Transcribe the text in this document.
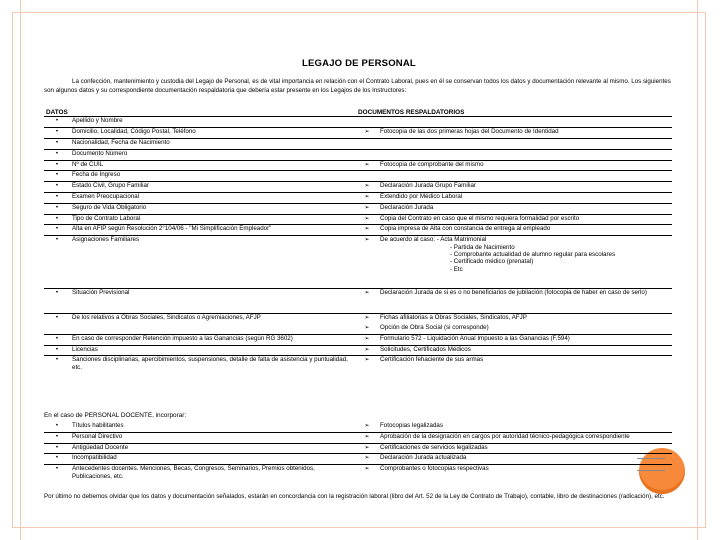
LEGAJO DE PERSONAL
La confección, mantenimiento y custodia del Legajo de Personal, es de vital importancia en relación con el Contrato Laboral, pues en él se conservan todos los datos y documentación relevante al mismo. Los siguientes son algunos datos y su correspondiente documentación respaldatoria que debería estar presente en los Legajos de los Instructores:
DATOS		DOCUMENTOS RESPALDATORIOS	
•	Apellido y Nombre		
•	Domicilio, Localidad, Código Postal, Teléfono	➢	Fotocopia de las dos primeras hojas del Documento de Identidad
•	Nacionalidad, Fecha de Nacimiento		
•	Documento Número		
•	Nº de CUIL	➢	Fotocopia de comprobante del mismo
•	Fecha de Ingreso		
•	Estado Civil, Grupo Familiar	➢	Declaración Jurada Grupo Familiar
•	Examen Preocupacional	➢	Extendido por Médico Laboral
•	Seguro de Vida Obligatorio	➢	Declaración Jurada
•	Tipo de Contrato Laboral	➢	Copia del Contrato en caso que el mismo requiera formalidad por escrito
•	Alta en AFIP según Resolución 2°104/06 - "Mi Simplificación Empleador"	➢	Copia impresa de Alta con constancia de entrega al empleado
•	Asignaciones Familiares	➢	De acuerdo al caso: - Acta Matrimonial
- Partida de Nacimiento
- Comprobante actualidad de alumno regular para escolares
- Certificado médico (prenatal)
- Etc

•	Situación Previsional	➢	Declaración Jurada de si es o no beneficiarios de jubilación (fotocopia de haber en caso de serlo)
•	De los relativos a Obras Sociales, Sindicatos o Agremiaciones, AFJP	➢	Fichas afiliatorias a Obras Sociales, Sindicatos, AFJP
		➢	Opción de Obra Social (si corresponde)
•	En caso de corresponder Retención impuesto a las Ganancias (según RG 3602)	➢	Formulario 572 - Liquidación Anual Impuesto a las Ganancias (F.594)
•	Licencias	➢	Solicitudes, Certificados Médicos
•	Sanciones disciplinarias, apercibimientos, suspensiones, detalle de falta de asistencia y puntualidad, etc.	➢	Certificación fehaciente de sus armas
En el caso de PERSONAL DOCENTE, incorporar:
•	Títulos habilitantes	➢	Fotocopias legalizadas
•	Personal Directivo	➢	Aprobación de la designación en cargos por autoridad técnico-pedagógica correspondiente
•	Antigüedad Docente	➢	Certificaciones de servicios legalizadas
•	Incompatibilidad	➢	Declaración Jurada actualizada
•	Antecedentes docentes. Menciones, Becas, Congresos, Seminarios, Premios obtenidos, Publicaciones, etc.	➢	Comprobantes o fotocopias respectivas
Por último no debemos olvidar que los datos y documentación señalados, estarán en concordancia con la registración laboral (libro del Art. 52 de la Ley de Contrato de Trabajo), contable, libro de destinaciones (radicación), etc.
